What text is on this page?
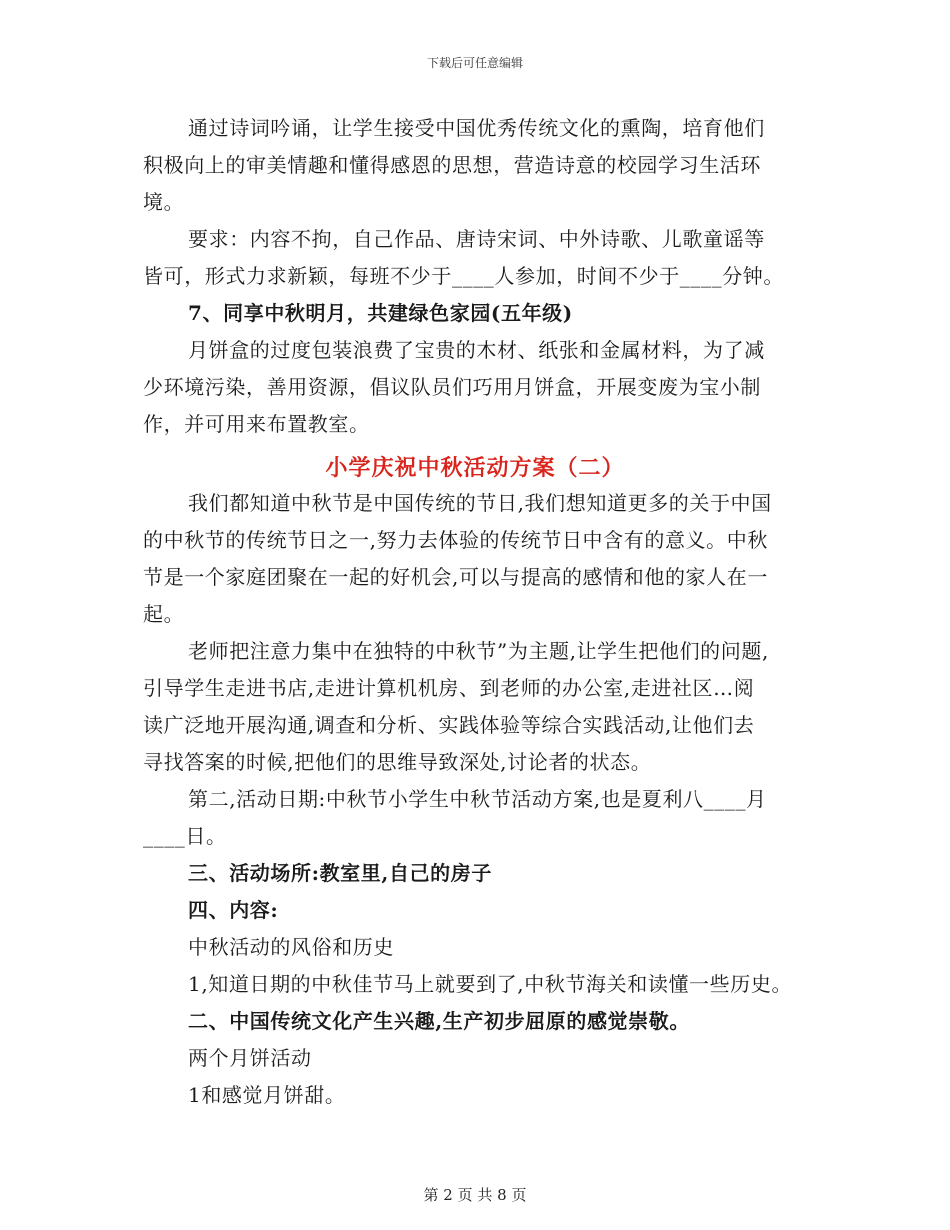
下载后可任意编辑
通过诗词吟诵，让学生接受中国优秀传统文化的熏陶，培育他们
积极向上的审美情趣和懂得感恩的思想，营造诗意的校园学习生活环
境。
要求：内容不拘，自己作品、唐诗宋词、中外诗歌、儿歌童谣等
皆可，形式力求新颖，每班不少于____人参加，时间不少于____分钟。
7、同享中秋明月，共建绿色家园(五年级)
月饼盒的过度包装浪费了宝贵的木材、纸张和金属材料，为了减
少环境污染，善用资源，倡议队员们巧用月饼盒，开展变废为宝小制
作，并可用来布置教室。
小学庆祝中秋活动方案（二）
我们都知道中秋节是中国传统的节日,我们想知道更多的关于中国
的中秋节的传统节日之一,努力去体验的传统节日中含有的意义。中秋
节是一个家庭团聚在一起的好机会,可以与提高的感情和他的家人在一
起。
老师把注意力集中在独特的中秋节”为主题,让学生把他们的问题,
引导学生走进书店,走进计算机机房、到老师的办公室,走进社区…阅
读广泛地开展沟通,调查和分析、实践体验等综合实践活动,让他们去
寻找答案的时候,把他们的思维导致深处,讨论者的状态。
第二,活动日期:中秋节小学生中秋节活动方案,也是夏利八____月
____日。
三、活动场所:教室里,自己的房子
四、内容:
中秋活动的风俗和历史
1,知道日期的中秋佳节马上就要到了,中秋节海关和读懂一些历史。
二、中国传统文化产生兴趣,生产初步屈原的感觉崇敬。
两个月饼活动
1和感觉月饼甜。
第 2 页 共 8 页
